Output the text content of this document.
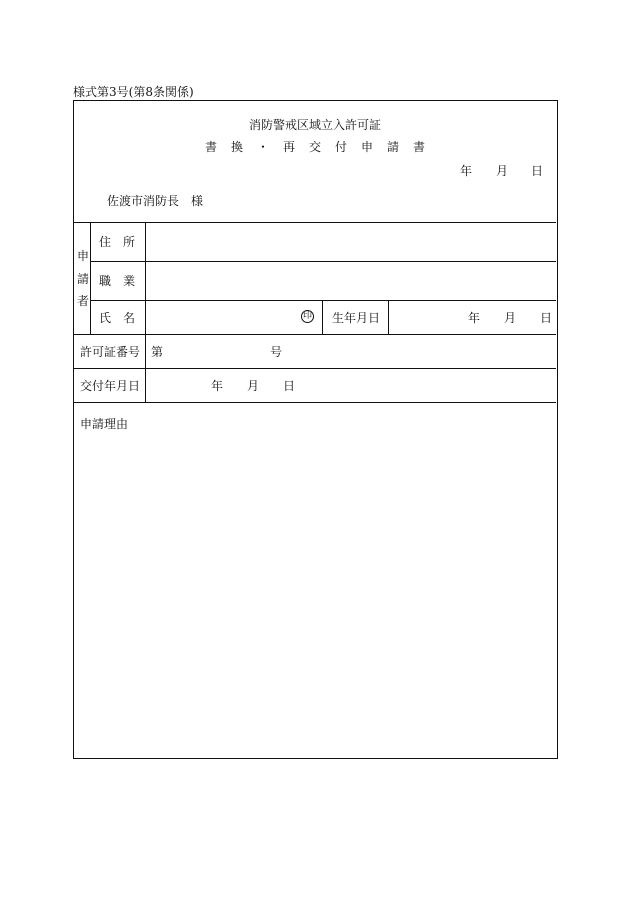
様式第3号(第8条関係)
消防警戒区域立入許可証
書換・再交付申請書
年 月 日
佐渡市消防長　様
申
請
者
住　所
職　業
氏　名	印 生年月日	年 月 日
許可証番号 第	号
交付年月日	年 月 日
申請理由
